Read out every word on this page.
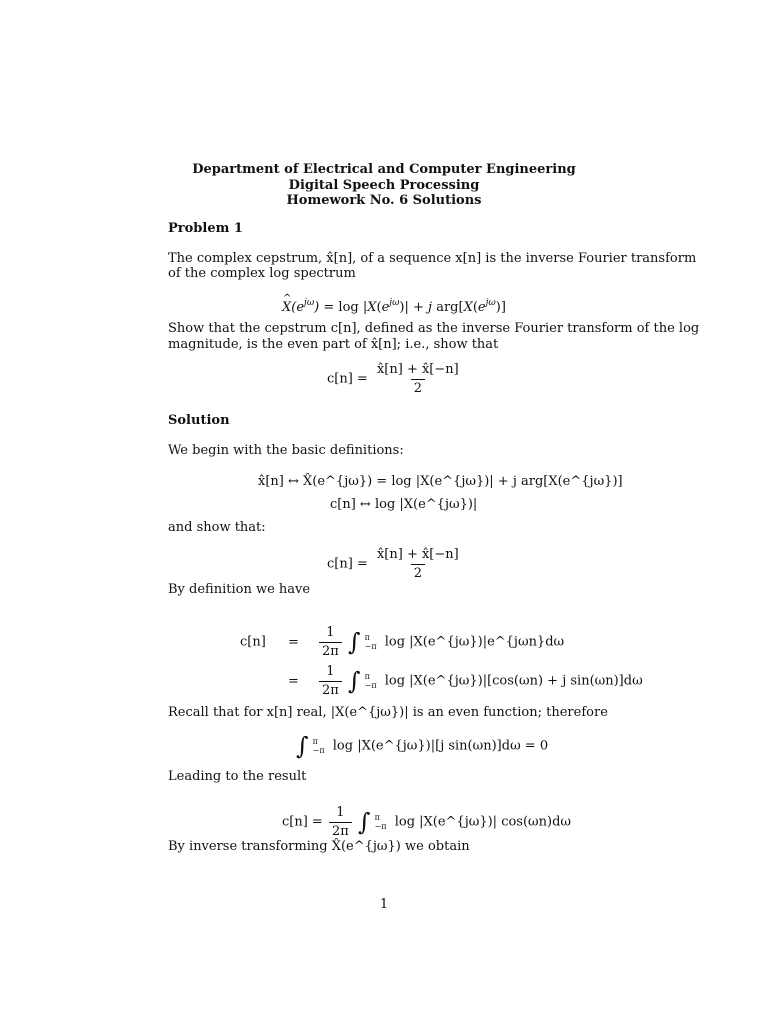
Department of Electrical and Computer Engineering
Digital Speech Processing
Homework No. 6 Solutions
Problem 1
The complex cepstrum, x̂[n], of a sequence x[n] is the inverse Fourier transform
of the complex log spectrum
X $\^{}(e^{j\omega}) = \log |X(e^{j\omega})| + j$ $arg[X(e^{j\omega})]$
Show that the cepstrum c[n], defined as the inverse Fourier transform of the log
magnitude, is the even part of x̂[n]; i.e., show that
$c[n] = \frac{x̂[n] + x̂[-n]}{2}$
Solution
We begin with the basic definitions:
x̂[n] ↔ X̂(e^{jω}) = log |X(e^{jω})| + j arg[X(e^{jω})]
c[n] ↔ log |X(e^{jω})|
and show that:
$c[n] = \frac{x̂[n] + x̂[-n]}{2}$
By definition we have
$c[n] = \frac{1}{2\pi}$ ∫ π
−π log |X(e^{jω})|e^{jωn}dω
= $\frac{1}{2\pi}$ ∫ π
−π log |X(e^{jω})|[cos(ωn) + j sin(ωn)]dω
Recall that for x[n] real, |X(e^{jω})| is an even function; therefore
∫ π
−π log |X(e^{jω})|[j sin(ωn)]dω = 0
Leading to the result
$c[n] = \frac{1}{2\pi}$ ∫ π
−π log |X(e^{jω})| cos(ωn)dω
By inverse transforming X̂(e^{jω}) we obtain
1
